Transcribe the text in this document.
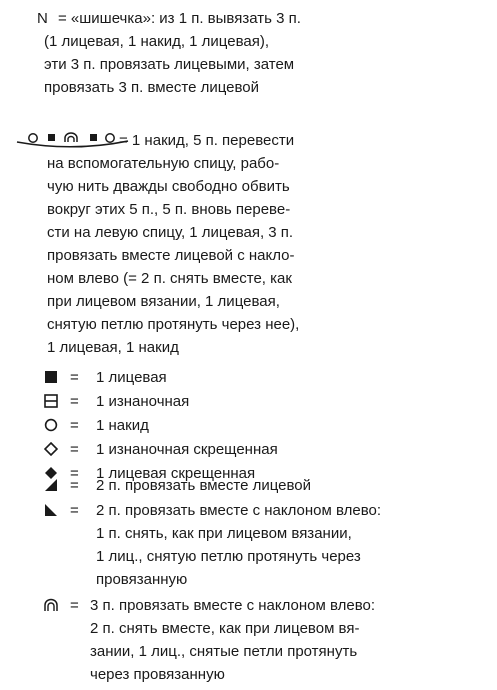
N = «шишечка»: из 1 п. вывязать 3 п.
(1 лицевая, 1 накид, 1 лицевая),
эти 3 п. провязать лицевыми, затем
провязать 3 п. вместе лицевой
= 1 накид, 5 п. перевести
на вспомогательную спицу, рабо-
чую нить дважды свободно обвить
вокруг этих 5 п., 5 п. вновь переве-
сти на левую спицу, 1 лицевая, 3 п.
провязать вместе лицевой с накло-
ном влево (= 2 п. снять вместе, как
при лицевом вязании, 1 лицевая,
снятую петлю протянуть через нее),
1 лицевая, 1 накид
= 1 лицевая
= 1 изнаночная
= 1 накид
= 1 изнаночная скрещенная
= 1 лицевая скрещенная
= 2 п. провязать вместе лицевой
= 2 п. провязать вместе с наклоном влево:
1 п. снять, как при лицевом вязании,
1 лиц., снятую петлю протянуть через
провязанную
= 3 п. провязать вместе с наклоном влево:
2 п. снять вместе, как при лицевом вя-
зании, 1 лиц., снятые петли протянуть
через провязанную
